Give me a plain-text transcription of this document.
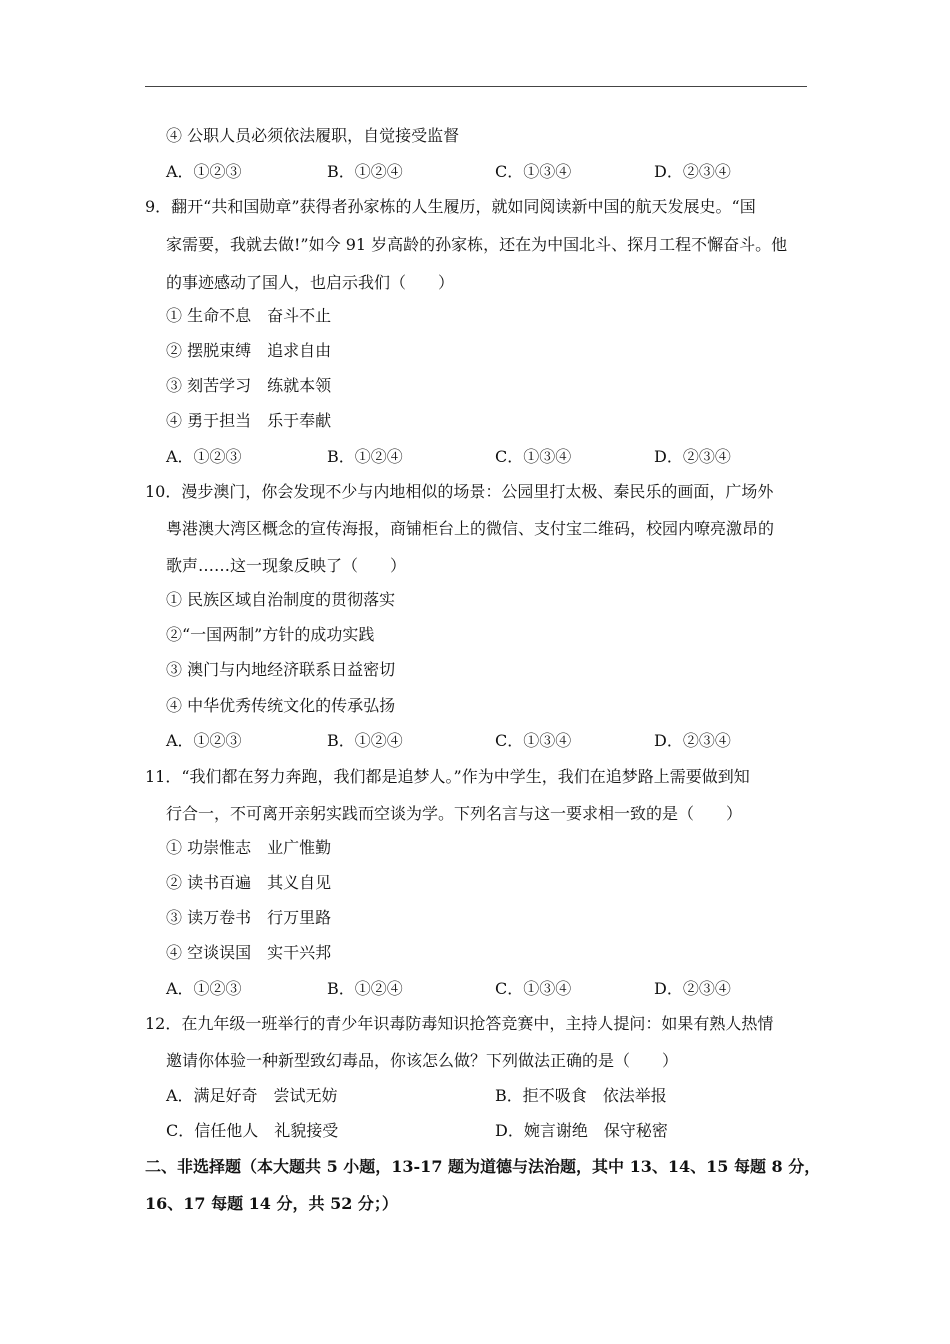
④ 公职人员必须依法履职，自觉接受监督
A．①②③	B．①②④	C．①③④	D．②③④
9．翻开“共和国勋章”获得者孙家栋的人生履历，就如同阅读新中国的航天发展史。“国
家需要，我就去做!”如今 91 岁高龄的孙家栋，还在为中国北斗、探月工程不懈奋斗。他
的事迹感动了国人，也启示我们（　　）
① 生命不息　奋斗不止
② 摆脱束缚　追求自由
③ 刻苦学习　练就本领
④ 勇于担当　乐于奉献
A．①②③	B．①②④	C．①③④	D．②③④
10．漫步澳门，你会发现不少与内地相似的场景：公园里打太极、秦民乐的画面，广场外
粤港澳大湾区概念的宣传海报，商铺柜台上的微信、支付宝二维码，校园内嘹亮激昂的
歌声……这一现象反映了（　　）
① 民族区域自治制度的贯彻落实
②“一国两制”方针的成功实践
③ 澳门与内地经济联系日益密切
④ 中华优秀传统文化的传承弘扬
A．①②③	B．①②④	C．①③④	D．②③④
11．“我们都在努力奔跑，我们都是追梦人。”作为中学生，我们在追梦路上需要做到知
行合一，不可离开亲躬实践而空谈为学。下列名言与这一要求相一致的是（　　）
① 功崇惟志　业广惟勤
② 读书百遍　其义自见
③ 读万卷书　行万里路
④ 空谈误国　实干兴邦
A．①②③	B．①②④	C．①③④	D．②③④
12．在九年级一班举行的青少年识毒防毒知识抢答竞赛中，主持人提问：如果有熟人热情
邀请你体验一种新型致幻毒品，你该怎么做？下列做法正确的是（　　）
A．满足好奇　尝试无妨	B．拒不吸食　依法举报
C．信任他人　礼貌接受	D．婉言谢绝　保守秘密
二、非选择题（本大题共 5 小题，13-17 题为道德与法治题，其中 13、14、15 每题 8 分，
16、17 每题 14 分，共 52 分；）
